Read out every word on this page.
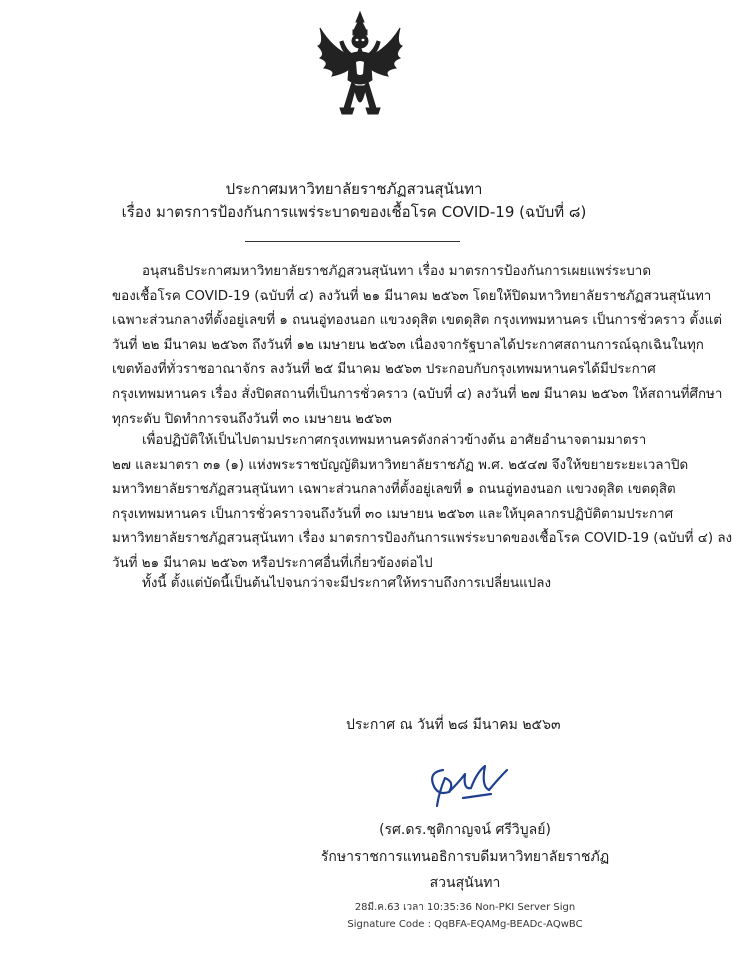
ประกาศมหาวิทยาลัยราชภัฏสวนสุนันทา
เรื่อง มาตรการป้องกันการแพร่ระบาดของเชื้อโรค COVID-19 (ฉบับที่ ๘)
อนุสนธิประกาศมหาวิทยาลัยราชภัฏสวนสุนันทา เรื่อง มาตรการป้องกันการเผยแพร่ระบาด
ของเชื้อโรค COVID-19 (ฉบับที่ ๔) ลงวันที่ ๒๑ มีนาคม ๒๕๖๓ โดยให้ปิดมหาวิทยาลัยราชภัฏสวนสุนันทา
เฉพาะส่วนกลางที่ตั้งอยู่เลขที่ ๑ ถนนอู่ทองนอก แขวงดุสิต เขตดุสิต กรุงเทพมหานคร เป็นการชั่วคราว ตั้งแต่
วันที่ ๒๒ มีนาคม ๒๕๖๓ ถึงวันที่ ๑๒ เมษายน ๒๕๖๓ เนื่องจากรัฐบาลได้ประกาศสถานการณ์ฉุกเฉินในทุก
เขตท้องที่ทั่วราชอาณาจักร ลงวันที่ ๒๕ มีนาคม ๒๕๖๓ ประกอบกับกรุงเทพมหานครได้มีประกาศ
กรุงเทพมหานคร เรื่อง สั่งปิดสถานที่เป็นการชั่วคราว (ฉบับที่ ๔) ลงวันที่ ๒๗ มีนาคม ๒๕๖๓ ให้สถานที่ศึกษา
ทุกระดับ ปิดทำการจนถึงวันที่ ๓๐ เมษายน ๒๕๖๓
เพื่อปฏิบัติให้เป็นไปตามประกาศกรุงเทพมหานครดังกล่าวข้างต้น อาศัยอำนาจตามมาตรา
๒๗ และมาตรา ๓๑ (๑) แห่งพระราชบัญญัติมหาวิทยาลัยราชภัฏ พ.ศ. ๒๕๔๗ จึงให้ขยายระยะเวลาปิด
มหาวิทยาลัยราชภัฏสวนสุนันทา เฉพาะส่วนกลางที่ตั้งอยู่เลขที่ ๑ ถนนอู่ทองนอก แขวงดุสิต เขตดุสิต
กรุงเทพมหานคร เป็นการชั่วคราวจนถึงวันที่ ๓๐ เมษายน ๒๕๖๓ และให้บุคลากรปฏิบัติตามประกาศ
มหาวิทยาลัยราชภัฏสวนสุนันทา เรื่อง มาตรการป้องกันการแพร่ระบาดของเชื้อโรค COVID-19 (ฉบับที่ ๔) ลง
วันที่ ๒๑ มีนาคม ๒๕๖๓ หรือประกาศอื่นที่เกี่ยวข้องต่อไป
ทั้งนี้ ตั้งแต่บัดนี้เป็นต้นไปจนกว่าจะมีประกาศให้ทราบถึงการเปลี่ยนแปลง
ประกาศ ณ วันที่ ๒๘ มีนาคม ๒๕๖๓
(รศ.ดร.ชุติกาญจน์ ศรีวิบูลย์)
รักษาราชการแทนอธิการบดีมหาวิทยาลัยราชภัฏ
สวนสุนันทา
28มี.ค.63 เวลา 10:35:36 Non-PKI Server Sign
Signature Code : QqBFA-EQAMg-BEADc-AQwBC
